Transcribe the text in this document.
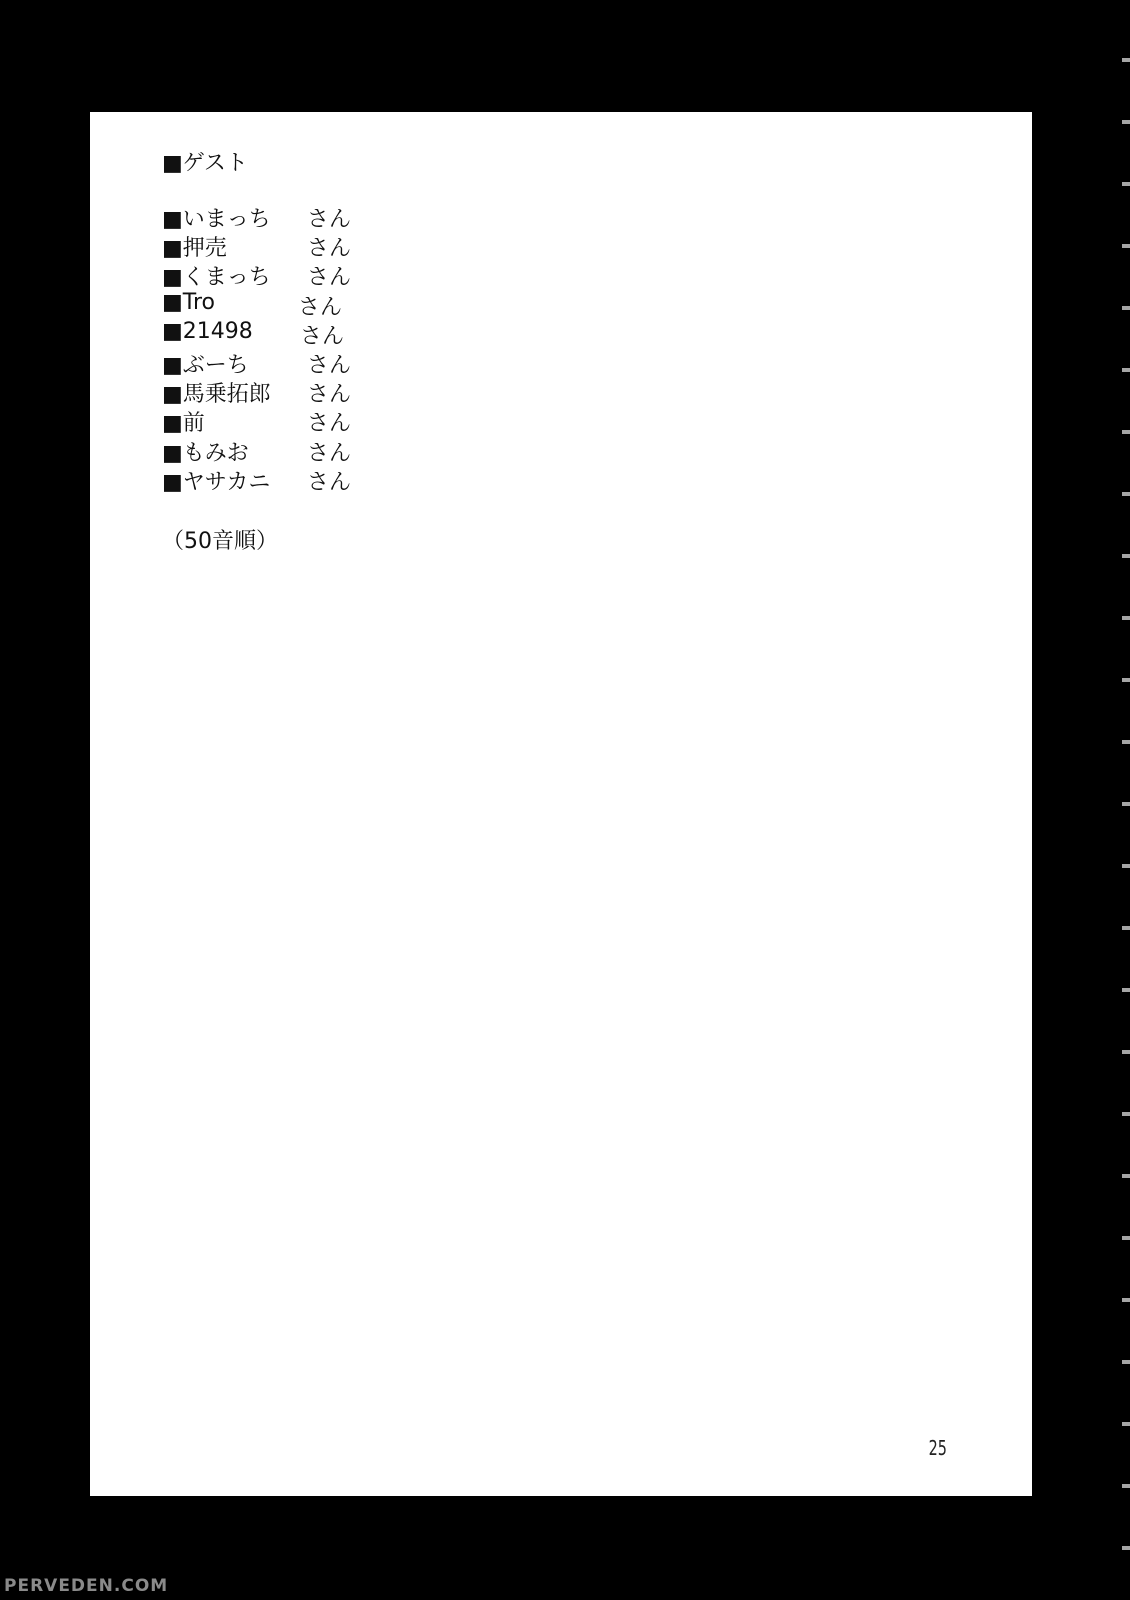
■ゲスト
■いまっち さん
■押売	さん
■くまっち さん
■Tro	さん
■21498 さん
■ぶーち	さん
■馬乗拓郎 さん
■前	さん
■もみお	さん
■ヤサカニ さん
（50音順）
25
PERVEDEN.COM
